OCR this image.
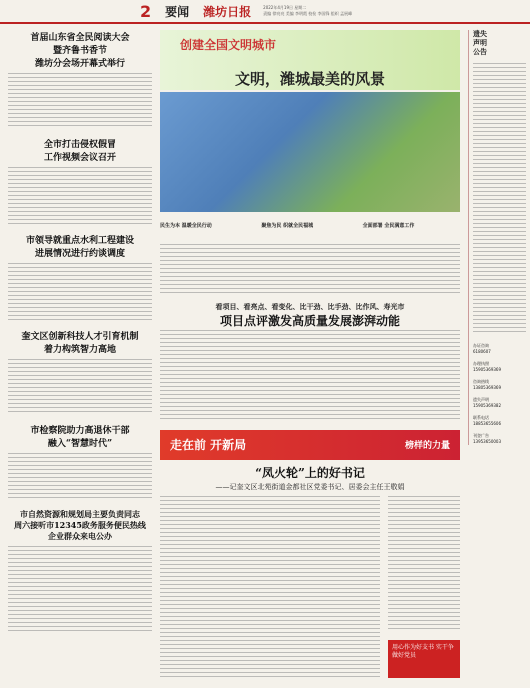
2 要闻 潍坊日报	2022年4月19日 星期二
责编 徐亮亮 美编 李明霞 校检 李国锋 组织 孟展峰
首届山东省全民阅读大会
暨齐鲁书香节
潍坊分会场开幕式举行
全市打击侵权假冒
工作视频会议召开
市领导就重点水利工程建设
进展情况进行约谈调度
奎文区创新科技人才引育机制
着力构筑智力高地
市检察院助力高退休干部
融入“智慧时代”
市自然资源和规划局主要负责同志
周六接听市12345政务服务便民热线
企业群众来电公办
创建全国文明城市
文明，潍城最美的风景
民生为本 温暖全民行动	聚焦为民 织就全民福城	全面部署 全民满意工作
看项目、看亮点、看变化、比干劲、比手劲、比作风、寿光市
项目点评激发高质量发展澎湃动能
走在前 开新局	榜样的力量
“凤火轮”上的好书记
——记奎文区北苑街道金都社区党委书记、居委会主任王敬娟
用心作为好支书 实干争做好党员
遗失
声明
公告
办证咨询
6180607
办理执照
15905369369
咨询热线
13805369369
遗失声明
15905369382
联系电话
18853655606
刊登广告
13953650003
